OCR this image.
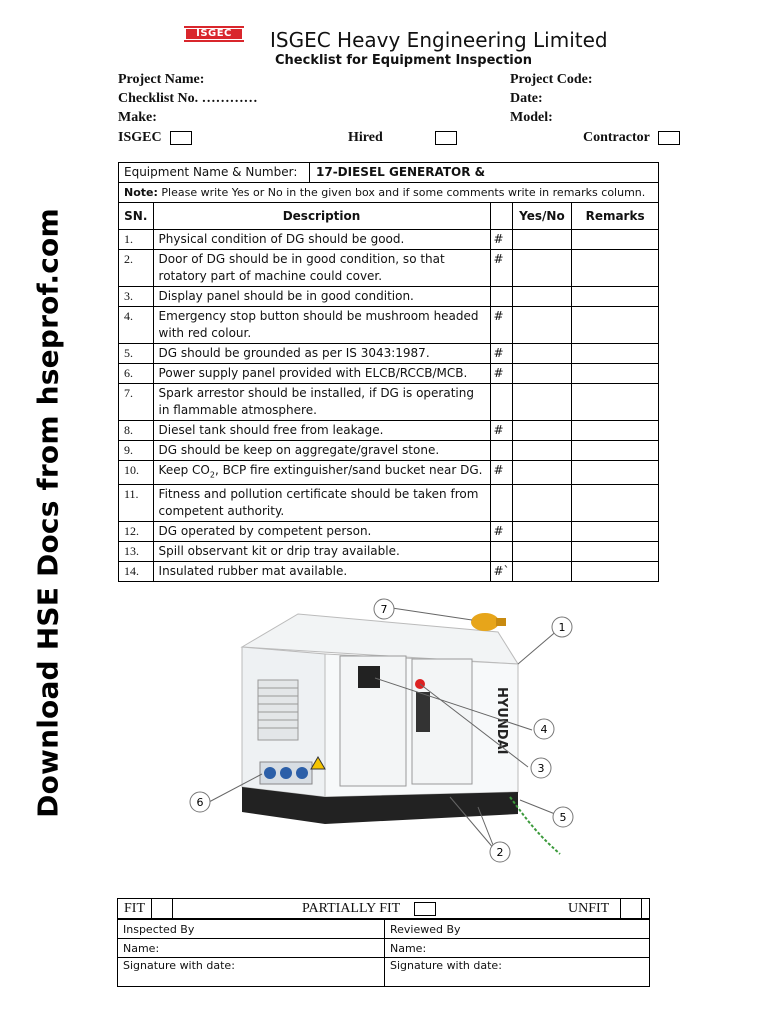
Download HSE Docs from hseprof.com
ISGEC	ISGEC Heavy Engineering Limited
Checklist for Equipment Inspection
Project Name:
Checklist No. …………
Make:
Project Code:
Date:
Model:
ISGEC	Hired	Contractor
Equipment Name & Number: 17-DIESEL GENERATOR &				

Note: Please write Yes or No in the given box and if some comments write in remarks column.				
SN.	Description		Yes/No	Remarks
1.	Physical condition of DG should be good.	#		
2.	Door of DG should be in good condition, so that rotatory part of machine could cover.	#		
3.	Display panel should be in good condition.			
4.	Emergency stop button should be mushroom headed with red colour.	#		
5.	DG should be grounded as per IS 3043:1987.	#		
6.	Power supply panel provided with ELCB/RCCB/MCB.	#		
7.	Spark arrestor should be installed, if DG is operating in flammable atmosphere.			
8.	Diesel tank should free from leakage.	#		
9.	DG should be keep on aggregate/gravel stone.			
10.	Keep $CO_2$, BCP fire extinguisher/sand bucket near DG.	#		
11.	Fitness and pollution certificate should be taken from competent authority.			
12.	DG operated by competent person.	#		
13.	Spill observant kit or drip tray available.			
14.	Insulated rubber mat available.	#`		
HYUNDAI
1
2
3
4
5
6
7
FIT	PARTIALLY FIT	UNFIT
Inspected By	Reviewed By
Name:	Name:
Signature with date:	Signature with date:
